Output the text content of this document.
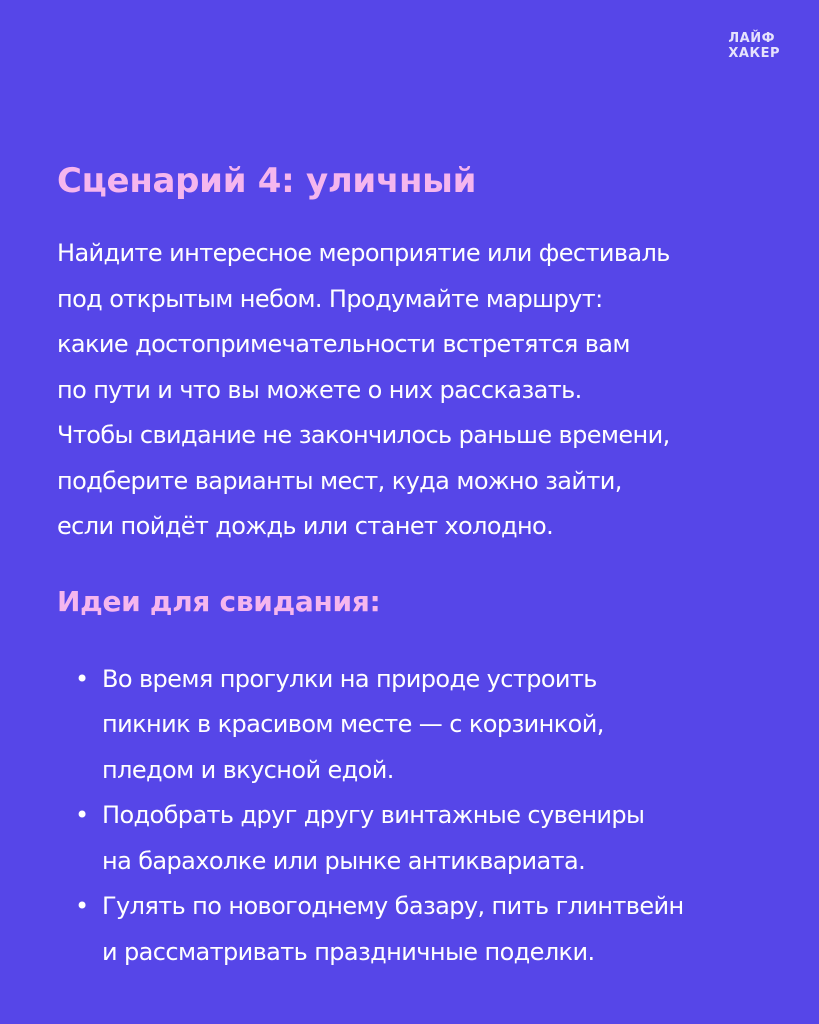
ЛАЙФ
ХАКЕР
Сценарий 4: уличный
Найдите интересное мероприятие или фестиваль
под открытым небом. Продумайте маршрут:
какие достопримечательности встретятся вам
по пути и что вы можете о них рассказать.
Чтобы свидание не закончилось раньше времени,
подберите варианты мест, куда можно зайти,
если пойдёт дождь или станет холодно.
Идеи для свидания:
• Во время прогулки на природе устроить
пикник в красивом месте — с корзинкой,
пледом и вкусной едой.
• Подобрать друг другу винтажные сувениры
на барахолке или рынке антиквариата.
• Гулять по новогоднему базару, пить глинтвейн
и рассматривать праздничные поделки.
